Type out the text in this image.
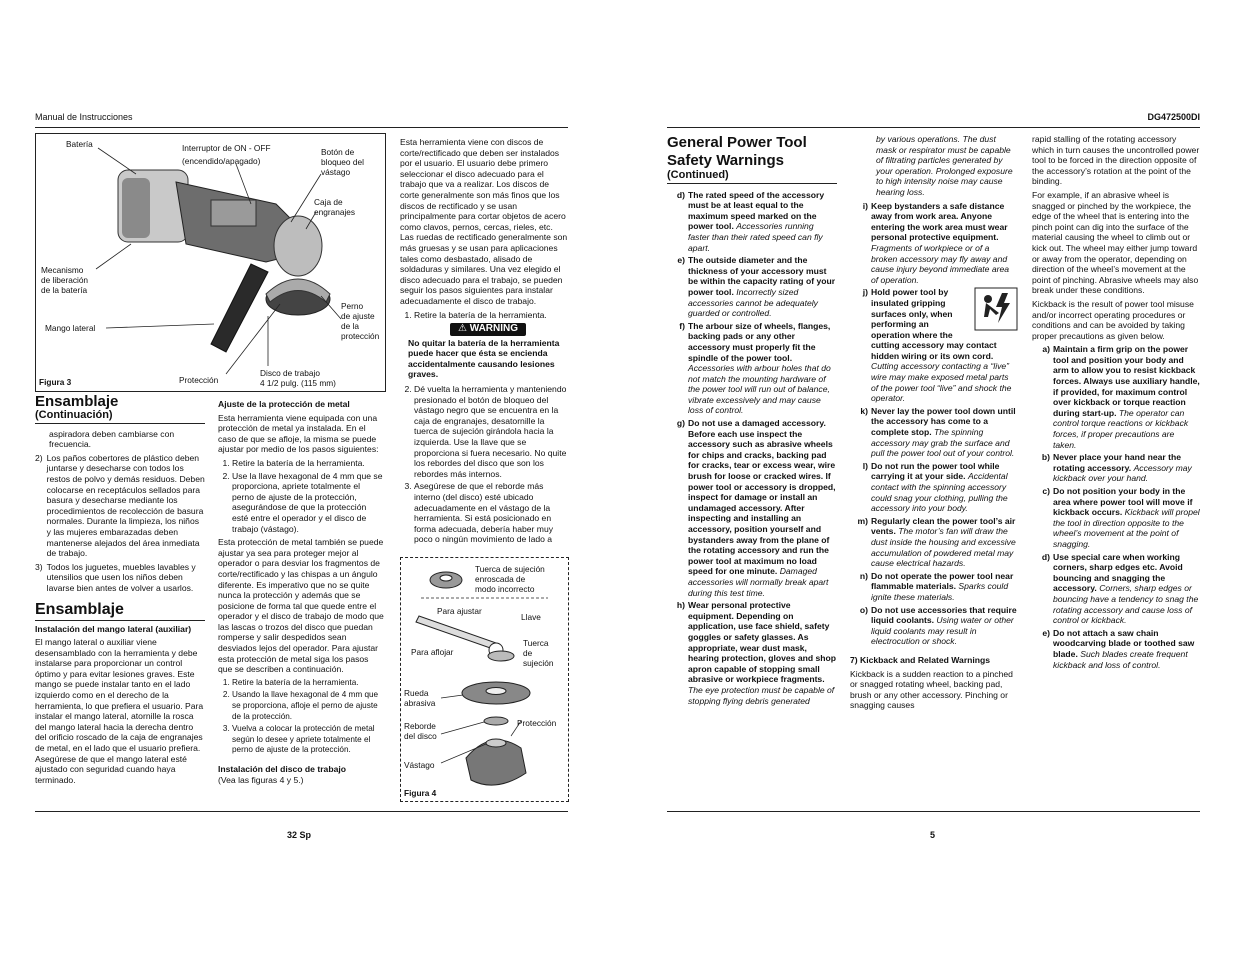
Manual de Instrucciones	DG472500DI
32 Sp	5
Batería	Interruptor de ON - OFF
(encendido/apagado)
Botón de
bloqueo del
vástago
Caja de
engranajes
Mecanismo
de liberación
de la batería
Mango lateral
Perno
de ajuste
de la
protección
Protección
Disco de trabajo
4 1/2 pulg. (115 mm)
Figura 3
Ensamblaje
(Continuación)

aspiradora deben cambiarse con frecuencia.

2) Los paños cobertores de plástico deben juntarse y desecharse con todos los restos de polvo y demás residuos. Deben colocarse en receptáculos sellados para basura y desecharse mediante los procedimientos de recolección de basura normales. Durante la limpieza, los niños y las mujeres embarazadas deben mantenerse alejados del área inmediata de trabajo.
3) Todos los juguetes, muebles lavables y utensilios que usen los niños deben lavarse bien antes de volver a usarlos.
Ensamblaje

Instalación del mango lateral (auxiliar)

El mango lateral o auxiliar viene desensamblado con la herramienta y debe instalarse para proporcionar un control óptimo y para evitar lesiones graves. Este mango se puede instalar tanto en el lado izquierdo como en el derecho de la herramienta, lo que prefiera el usuario. Para instalar el mango lateral, atornille la rosca del mango lateral hacia la derecha dentro del orificio roscado de la caja de engranajes de metal, en el lado que el usuario prefiera. Asegúrese de que el mango lateral esté ajustado con seguridad cuando haya terminado.

Ajuste de la protección de metal

Esta herramienta viene equipada con una protección de metal ya instalada. En el caso de que se afloje, la misma se puede ajustar por medio de los pasos siguientes:

1. Retire la batería de la herramienta.
2. Use la llave hexagonal de 4 mm que se proporciona, apriete totalmente el perno de ajuste de la protección, asegurándose de que la protección esté entre el operador y el disco de trabajo (vástago).

Esta protección de metal también se puede ajustar ya sea para proteger mejor al operador o para desviar los fragmentos de corte/rectificado y las chispas a un ángulo diferente. Es imperativo que no se quite nunca la protección y además que se posicione de forma tal que quede entre el operador y el disco de trabajo de modo que las lascas o trozos del disco que puedan romperse y salir despedidos sean desviados lejos del operador. Para ajustar esta protección de metal siga los pasos que se describen a continuación.

1. Retire la batería de la herramienta.
2. Usando la llave hexagonal de 4 mm que se proporciona, afloje el perno de ajuste de la protección.
3. Vuelva a colocar la protección de metal según lo desee y apriete totalmente el perno de ajuste de la protección.

Instalación del disco de trabajo

(Vea las figuras 4 y 5.)

Esta herramienta viene con discos de corte/rectificado que deben ser instalados por el usuario. El usuario debe primero seleccionar el disco adecuado para el trabajo que va a realizar. Los discos de corte generalmente son más finos que los discos de rectificado y se usan principalmente para cortar objetos de acero como clavos, pernos, cercas, rieles, etc. Las ruedas de rectificado generalmente son más gruesas y se usan para aplicaciones tales como desbastado, alisado de soldaduras y similares. Una vez elegido el disco adecuado para el trabajo, se pueden seguir los pasos siguientes para instalar adecuadamente el disco de trabajo.

1. Retire la batería de la herramienta.
⚠ WARNING
No quitar la batería de la herramienta puede hacer que ésta se encienda accidentalmente causando lesiones graves.
2. Dé vuelta la herramienta y manteniendo presionado el botón de bloqueo del vástago negro que se encuentra en la caja de engranajes, desatornille la tuerca de sujeción girándola hacia la izquierda. Use la llave que se proporciona si fuera necesario. No quite los rebordes del disco que son los rebordes más internos.
3. Asegúrese de que el reborde más interno (del disco) esté ubicado adecuadamente en el vástago de la herramienta. Si está posicionado en forma adecuada, debería haber muy poco o ningún movimiento de lado a
Tuerca de sujeción
enroscada de
modo incorrecto
Para ajustar
Llave
Para aflojar
Tuerca
de
sujeción
Rueda
abrasiva
Reborde
del disco
Protección
Vástago
Figura 4
General Power Tool
Safety Warnings
(Continued)
d) The rated speed of the accessory must be at least equal to the maximum speed marked on the power tool. Accessories running faster than their rated speed can fly apart.
e) The outside diameter and the thickness of your accessory must be within the capacity rating of your power tool. Incorrectly sized accessories cannot be adequately guarded or controlled.
f) The arbour size of wheels, flanges, backing pads or any other accessory must properly fit the spindle of the power tool. Accessories with arbour holes that do not match the mounting hardware of the power tool will run out of balance, vibrate excessively and may cause loss of control.
g) Do not use a damaged accessory. Before each use inspect the accessory such as abrasive wheels for chips and cracks, backing pad for cracks, tear or excess wear, wire brush for loose or cracked wires. If power tool or accessory is dropped, inspect for damage or install an undamaged accessory. After inspecting and installing an accessory, position yourself and bystanders away from the plane of the rotating accessory and run the power tool at maximum no load speed for one minute. Damaged accessories will normally break apart during this test time.
h) Wear personal protective equipment. Depending on application, use face shield, safety goggles or safety glasses. As appropriate, wear dust mask, hearing protection, gloves and shop apron capable of stopping small abrasive or workpiece fragments. The eye protection must be capable of stopping flying debris generated

by various operations. The dust mask or respirator must be capable of filtrating particles generated by your operation. Prolonged exposure to high intensity noise may cause hearing loss.

i) Keep bystanders a safe distance away from work area. Anyone entering the work area must wear personal protective equipment. Fragments of workpiece or of a broken accessory may fly away and cause injury beyond immediate area of operation.
j) Hold power tool by insulated gripping surfaces only, when performing an operation where the cutting accessory may contact hidden wiring or its own cord. Cutting accessory contacting a “live” wire may make exposed metal parts of the power tool “live” and shock the operator.
k) Never lay the power tool down until the accessory has come to a complete stop. The spinning accessory may grab the surface and pull the power tool out of your control.
l) Do not run the power tool while carrying it at your side. Accidental contact with the spinning accessory could snag your clothing, pulling the accessory into your body.
m) Regularly clean the power tool’s air vents. The motor’s fan will draw the dust inside the housing and excessive accumulation of powdered metal may cause electrical hazards.
n) Do not operate the power tool near flammable materials. Sparks could ignite these materials.
o) Do not use accessories that require liquid coolants. Using water or other liquid coolants may result in electrocution or shock.

7) Kickback and Related Warnings

Kickback is a sudden reaction to a pinched or snagged rotating wheel, backing pad, brush or any other accessory. Pinching or snagging causes

rapid stalling of the rotating accessory which in turn causes the uncontrolled power tool to be forced in the direction opposite of the accessory’s rotation at the point of the binding.

For example, if an abrasive wheel is snagged or pinched by the workpiece, the edge of the wheel that is entering into the pinch point can dig into the surface of the material causing the wheel to climb out or kick out. The wheel may either jump toward or away from the operator, depending on direction of the wheel’s movement at the point of pinching. Abrasive wheels may also break under these conditions.

Kickback is the result of power tool misuse and/or incorrect operating procedures or conditions and can be avoided by taking proper precautions as given below.

a) Maintain a firm grip on the power tool and position your body and arm to allow you to resist kickback forces. Always use auxiliary handle, if provided, for maximum control over kickback or torque reaction during start-up. The operator can control torque reactions or kickback forces, if proper precautions are taken.
b) Never place your hand near the rotating accessory. Accessory may kickback over your hand.
c) Do not position your body in the area where power tool will move if kickback occurs. Kickback will propel the tool in direction opposite to the wheel’s movement at the point of snagging.
d) Use special care when working corners, sharp edges etc. Avoid bouncing and snagging the accessory. Corners, sharp edges or bouncing have a tendency to snag the rotating accessory and cause loss of control or kickback.
e) Do not attach a saw chain woodcarving blade or toothed saw blade. Such blades create frequent kickback and loss of control.
